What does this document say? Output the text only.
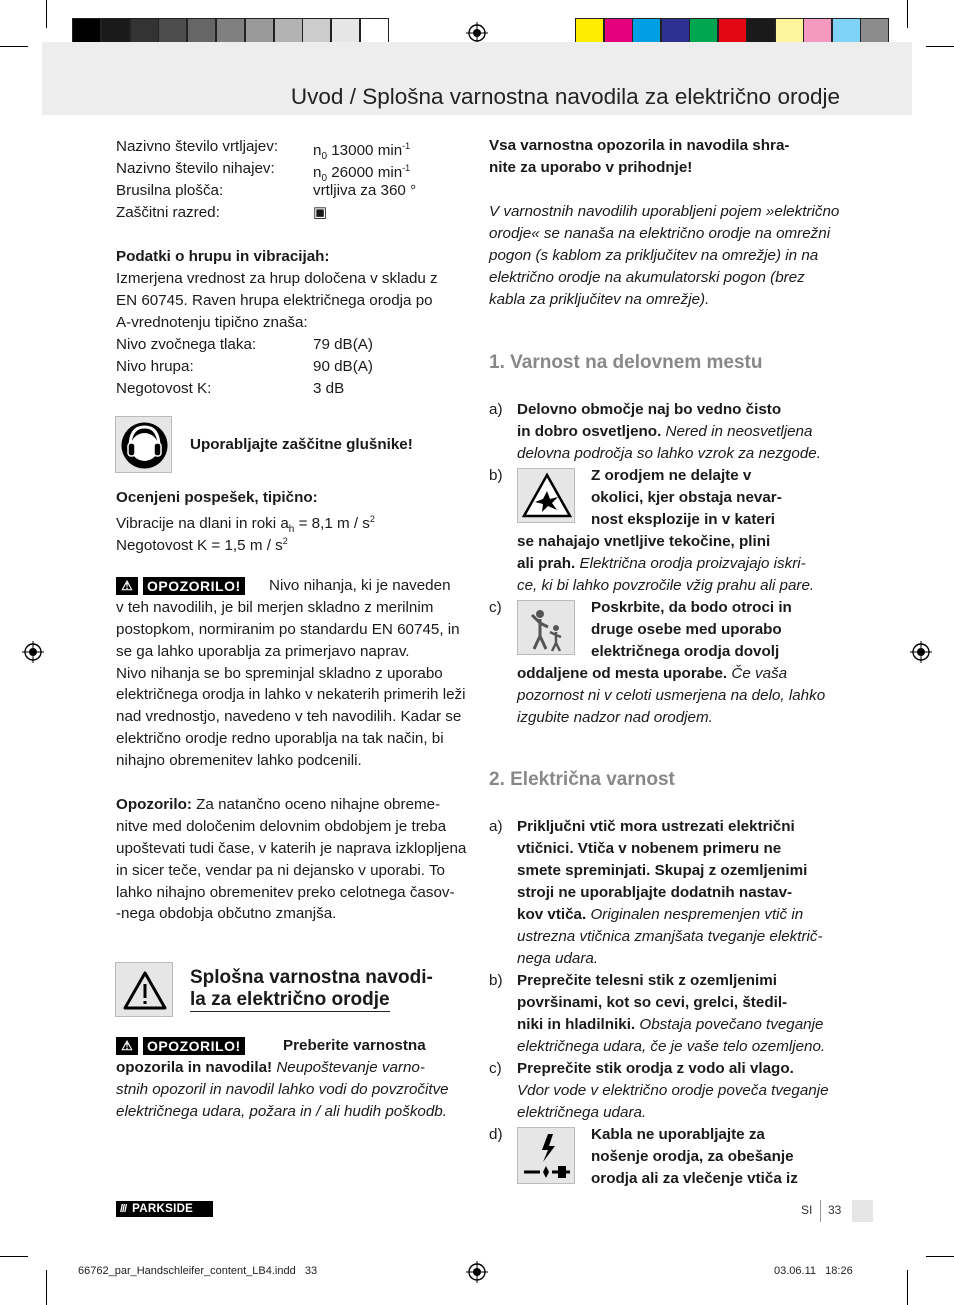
Uvod / Splošna varnostna navodila za električno orodje
Nazivno število vrtljajev: $n_0$ 13000 $\min^{-1}$
Nazivno število nihajev:	$n_0$ 26000 $\min^{-1}$
Brusilna plošča:	vrtljiva za 360 °
Zaščitni razred:	▣
Podatki o hrupu in vibracijah:
Izmerjena vrednost za hrup določena v skladu z
EN 60745. Raven hrupa električnega orodja po
A-vrednotenju tipično znaša:
Nivo zvočnega tlaka:	79 dB(A)
Nivo hrupa:	90 dB(A)
Negotovost K:	3 dB
Uporabljajte zaščitne glušnike!
Ocenjeni pospešek, tipično:
Vibracije na dlani in roki $a_h = 8,1$ m / $s^2$
Negotovost K = 1,5 m / $s^2$
⚠	OPOZORILO! Nivo nihanja, ki je naveden
v teh navodilih, je bil merjen skladno z merilnim
postopkom, normiranim po standardu EN 60745, in
se ga lahko uporablja za primerjavo naprav.
Nivo nihanja se bo spreminjal skladno z uporabo
električnega orodja in lahko v nekaterih primerih leži
nad vrednostjo, navedeno v teh navodilih. Kadar se
električno orodje redno uporablja na tak način, bi
nihajno obremenitev lahko podcenili.
Opozorilo: Za natančno oceno nihajne obreme-
nitve med določenim delovnim obdobjem je treba
upoštevati tudi čase, v katerih je naprava izklopljena
in sicer teče, vendar pa ni dejansko v uporabi. To
lahko nihajno obremenitev preko celotnega časov-
-nega obdobja občutno zmanjša.
Splošna varnostna navodi-
la za električno orodje
⚠	OPOZORILO!	Preberite varnostna
opozorila in navodila! Neupoštevanje varno-
stnih opozoril in navodil lahko vodi do povzročitve
električnega udara, požara in / ali hudih poškodb.
Vsa varnostna opozorila in navodila shra-
nite za uporabo v prihodnje!
V varnostnih navodilih uporabljeni pojem »električno
orodje« se nanaša na električno orodje na omrežni
pogon (s kablom za priključitev na omrežje) in na
električno orodje na akumulatorski pogon (brez
kabla za priključitev na omrežje).
1. Varnost na delovnem mestu
a) Delovno območje naj bo vedno čisto
in dobro osvetljeno. Nered in neosvetljena
delovna področja so lahko vzrok za nezgode.
b)	Z orodjem ne delajte v
okolici, kjer obstaja nevar-
nost eksplozije in v kateri
se nahajajo vnetljive tekočine, plini
ali prah. Električna orodja proizvajajo iskri-
ce, ki bi lahko povzročile vžig prahu ali pare.
c)	Poskrbite, da bodo otroci in
druge osebe med uporabo
električnega orodja dovolj
oddaljene od mesta uporabe. Če vaša
pozornost ni v celoti usmerjena na delo, lahko
izgubite nadzor nad orodjem.
2. Električna varnost
a) Priključni vtič mora ustrezati električni
vtičnici. Vtiča v nobenem primeru ne
smete spreminjati. Skupaj z ozemljenimi
stroji ne uporabljajte dodatnih nastav-
kov vtiča. Originalen nespremenjen vtič in
ustrezna vtičnica zmanjšata tveganje električ-
nega udara.
b) Preprečite telesni stik z ozemljenimi
površinami, kot so cevi, grelci, štedil-
niki in hladilniki. Obstaja povečano tveganje
električnega udara, če je vaše telo ozemljeno.
c) Preprečite stik orodja z vodo ali vlago.
Vdor vode v električno orodje poveča tveganje
električnega udara.
d)	Kabla ne uporabljajte za
nošenje orodja, za obešanje
orodja ali za vlečenje vtiča iz
/// PARKSIDE	SI 33
66762_par_Handschleifer_content_LB4.indd   33	03.06.11   18:26
